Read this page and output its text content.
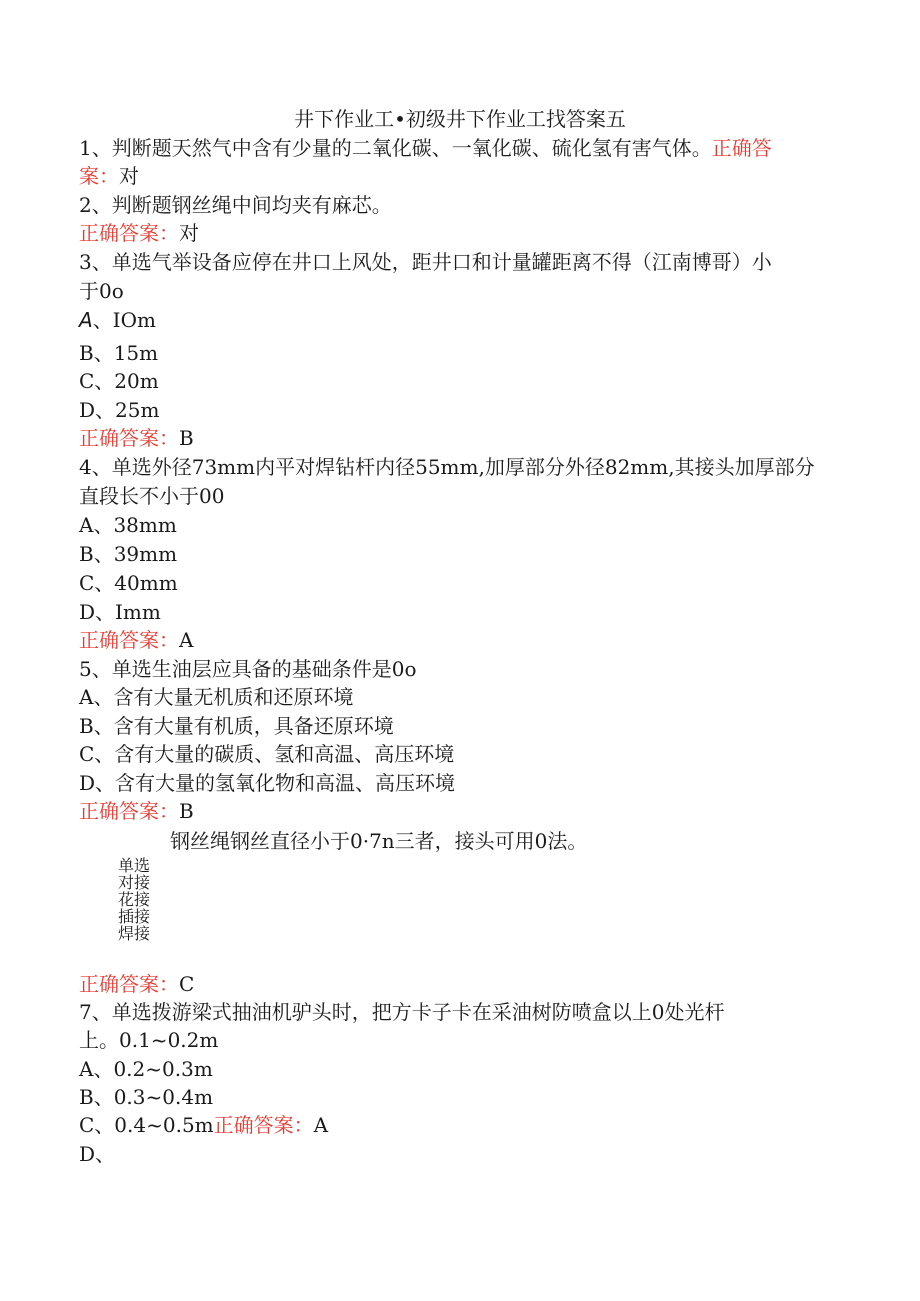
井下作业工•初级井下作业工找答案五
1、判断题天然气中含有少量的二氧化碳、一氧化碳、硫化氢有害气体。正确答
案：对
2、判断题钢丝绳中间均夹有麻芯。
正确答案：对
3、单选气举设备应停在井口上风处，距井口和计量罐距离不得（江南博哥）小
于0o
A、IOm
B、15m
C、20m
D、25m
正确答案：B
4、单选外径73mm内平对焊钻杆内径55mm,加厚部分外径82mm,其接头加厚部分
直段长不小于00
A、38mm
B、39mm
C、40mm
D、Imm
正确答案：A
5、单选生油层应具备的基础条件是0o
A、含有大量无机质和还原环境
B、含有大量有机质，具备还原环境
C、含有大量的碳质、氢和高温、高压环境
D、含有大量的氢氧化物和高温、高压环境
正确答案：B
钢丝绳钢丝直径小于0·7n三者，接头可用0法。
单选
对接
花接
插接
焊接
正确答案：C
7、单选拨游梁式抽油机驴头时，把方卡子卡在采油树防喷盒以上0处光杆
上。0.1~0.2m
A、0.2~0.3m
B、0.3~0.4m
C、0.4~0.5m正确答案：A
D、
